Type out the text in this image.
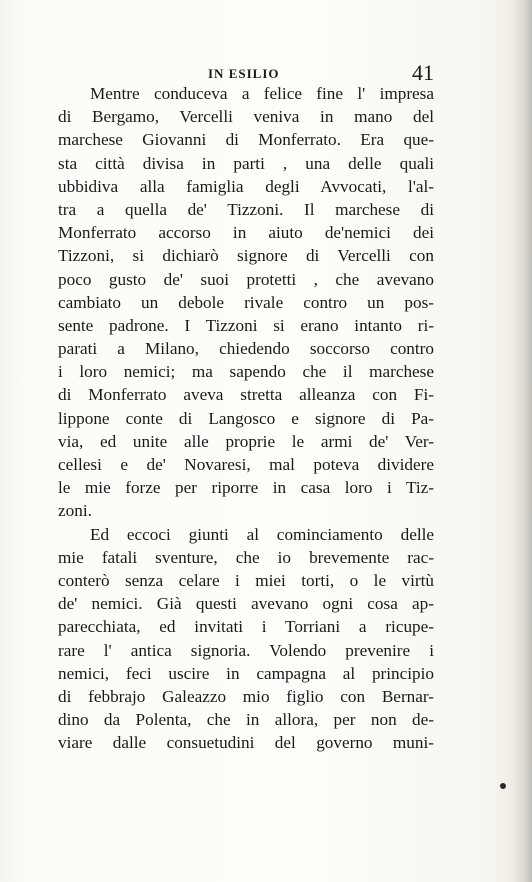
IN ESILIO	41
Mentre conduceva a felice fine l' impresa
di Bergamo, Vercelli veniva in mano del
marchese Giovanni di Monferrato. Era que-
sta città divisa in parti , una delle quali
ubbidiva alla famiglia degli Avvocati, l'al-
tra a quella de' Tizzoni. Il marchese di
Monferrato accorso in aiuto de'nemici dei
Tizzoni, si dichiarò signore di Vercelli con
poco gusto de' suoi protetti , che avevano
cambiato un debole rivale contro un pos-
sente padrone. I Tizzoni si erano intanto ri-
parati a Milano, chiedendo soccorso contro
i loro nemici; ma sapendo che il marchese
di Monferrato aveva stretta alleanza con Fi-
lippone conte di Langosco e signore di Pa-
via, ed unite alle proprie le armi de' Ver-
cellesi e de' Novaresi, mal poteva dividere
le mie forze per riporre in casa loro i Tiz-
zoni.
Ed eccoci giunti al cominciamento delle
mie fatali sventure, che io brevemente rac-
conterò senza celare i miei torti, o le virtù
de' nemici. Già questi avevano ogni cosa ap-
parecchiata, ed invitati i Torriani a ricupe-
rare l' antica signoria. Volendo prevenire i
nemici, feci uscire in campagna al principio
di febbrajo Galeazzo mio figlio con Bernar-
dino da Polenta, che in allora, per non de-
viare dalle consuetudini del governo muni-
